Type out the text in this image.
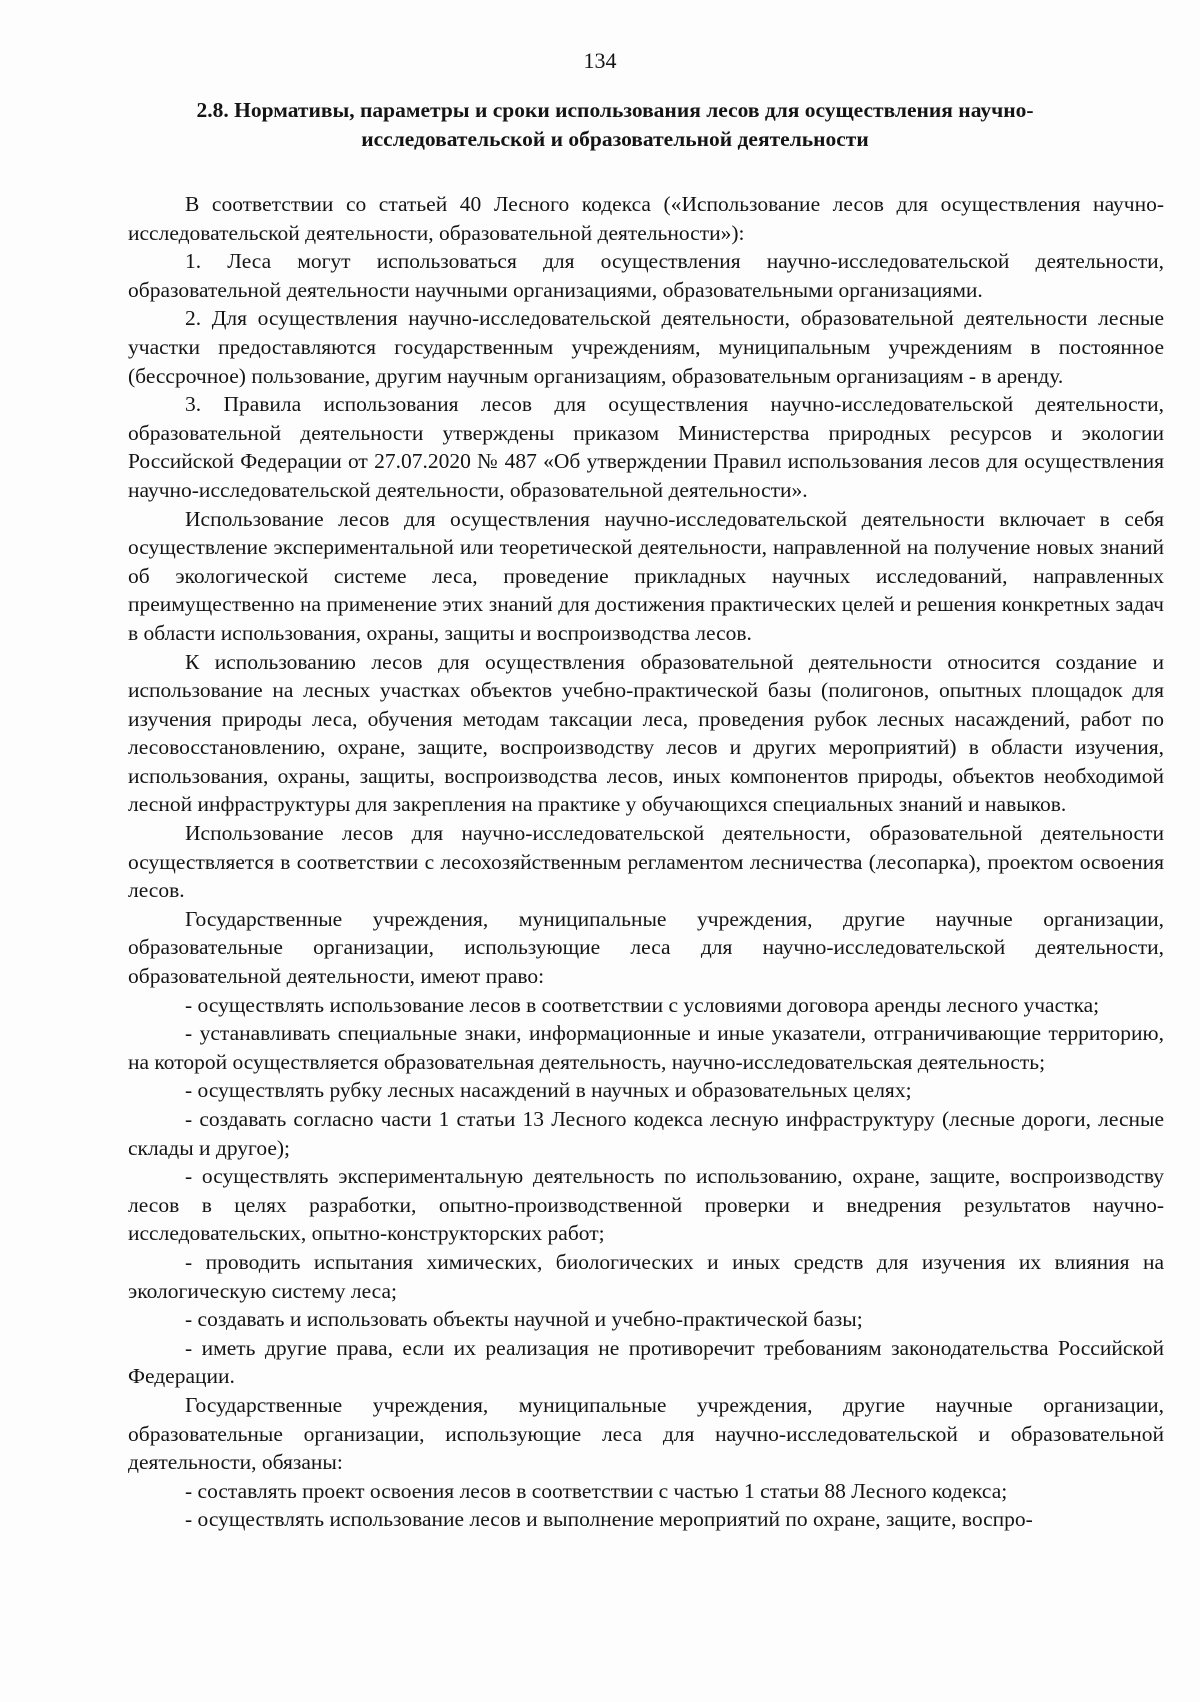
134
2.8. Нормативы, параметры и сроки использования лесов для осуществления научно-
исследовательской и образовательной деятельности

В соответствии со статьей 40 Лесного кодекса («Использование лесов для осуществления научно-исследовательской деятельности, образовательной деятельности»):

1. Леса могут использоваться для осуществления научно-исследовательской деятельности, образовательной деятельности научными организациями, образовательными организациями.

2. Для осуществления научно-исследовательской деятельности, образовательной деятельности лесные участки предоставляются государственным учреждениям, муниципальным учреждениям в постоянное (бессрочное) пользование, другим научным организациям, образовательным организациям - в аренду.

3. Правила использования лесов для осуществления научно-исследовательской деятельности, образовательной деятельности утверждены приказом Министерства природных ресурсов и экологии Российской Федерации от 27.07.2020 № 487 «Об утверждении Правил использования лесов для осуществления научно-исследовательской деятельности, образовательной деятельности».

Использование лесов для осуществления научно-исследовательской деятельности включает в себя осуществление экспериментальной или теоретической деятельности, направленной на получение новых знаний об экологической системе леса, проведение прикладных научных исследований, направленных преимущественно на применение этих знаний для достижения практических целей и решения конкретных задач в области использования, охраны, защиты и воспроизводства лесов.

К использованию лесов для осуществления образовательной деятельности относится создание и использование на лесных участках объектов учебно-практической базы (полигонов, опытных площадок для изучения природы леса, обучения методам таксации леса, проведения рубок лесных насаждений, работ по лесовосстановлению, охране, защите, воспроизводству лесов и других мероприятий) в области изучения, использования, охраны, защиты, воспроизводства лесов, иных компонентов природы, объектов необходимой лесной инфраструктуры для закрепления на практике у обучающихся специальных знаний и навыков.

Использование лесов для научно-исследовательской деятельности, образовательной деятельности осуществляется в соответствии с лесохозяйственным регламентом лесничества (лесопарка), проектом освоения лесов.

Государственные учреждения, муниципальные учреждения, другие научные организации, образовательные организации, использующие леса для научно-исследовательской деятельности, образовательной деятельности, имеют право:

- осуществлять использование лесов в соответствии с условиями договора аренды лесного участка;

- устанавливать специальные знаки, информационные и иные указатели, отграничивающие территорию, на которой осуществляется образовательная деятельность, научно-исследовательская деятельность;

- осуществлять рубку лесных насаждений в научных и образовательных целях;

- создавать согласно части 1 статьи 13 Лесного кодекса лесную инфраструктуру (лесные дороги, лесные склады и другое);

- осуществлять экспериментальную деятельность по использованию, охране, защите, воспроизводству лесов в целях разработки, опытно-производственной проверки и внедрения результатов научно-исследовательских, опытно-конструкторских работ;

- проводить испытания химических, биологических и иных средств для изучения их влияния на экологическую систему леса;

- создавать и использовать объекты научной и учебно-практической базы;

- иметь другие права, если их реализация не противоречит требованиям законодательства Российской Федерации.

Государственные учреждения, муниципальные учреждения, другие научные организации, образовательные организации, использующие леса для научно-исследовательской и образовательной деятельности, обязаны:

- составлять проект освоения лесов в соответствии с частью 1 статьи 88 Лесного кодекса;

- осуществлять использование лесов и выполнение мероприятий по охране, защите, воспро-
